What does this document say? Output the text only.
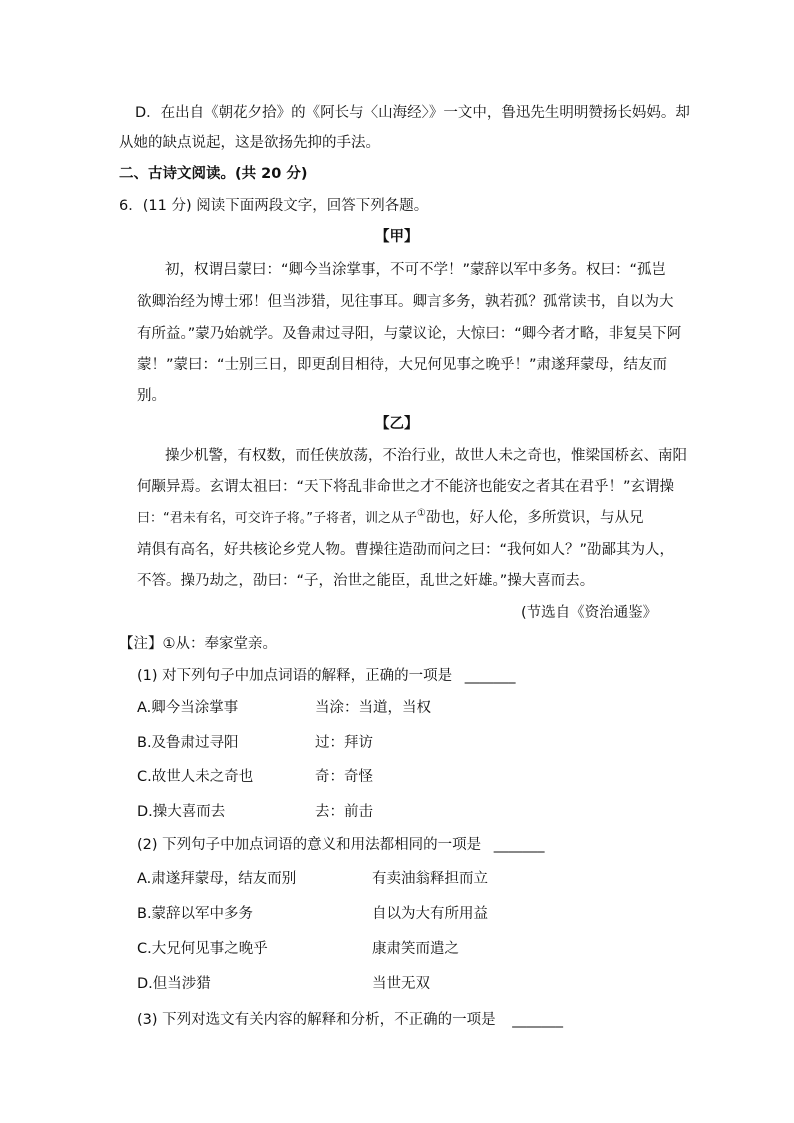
D．在出自《朝花夕拾》的《阿长与〈山海经〉》一文中，鲁迅先生明明赞扬长妈妈。却
从她的缺点说起，这是欲扬先抑的手法。
二、古诗文阅读。(共 20 分)
6．(11 分) 阅读下面两段文字，回答下列各题。
【甲】
初，权谓吕蒙曰：“卿今当涂掌事，不可不学！”蒙辞以军中多务。权曰：“孤岂
欲卿治经为博士邪！但当涉猎，见往事耳。卿言多务，孰若孤？孤常读书，自以为大
有所益。”蒙乃始就学。及鲁肃过寻阳，与蒙议论，大惊曰：“卿今者才略，非复吴下阿
蒙！”蒙曰：“士别三日，即更刮目相待，大兄何见事之晚乎！”肃遂拜蒙母，结友而
别。
【乙】
操少机警，有权数，而任侠放荡，不治行业，故世人未之奇也，惟梁国桥玄、南阳
何颙异焉。玄谓太祖曰：“天下将乱非命世之才不能济也能安之者其在君乎！”玄谓操
曰：“君未有名，可交许子将。”子将者，训之从子①劭也，好人伦，多所赏识，与从兄
靖俱有高名，好共核论乡党人物。曹操往造劭而问之曰：“我何如人？”劭鄙其为人，
不答。操乃劫之，劭曰：“子，治世之能臣，乱世之奸雄。”操大喜而去。
(节选自《资治通鉴》
【注】①从：奉家堂亲。
(1) 对下列句子中加点词语的解释，正确的一项是 _______
A.卿今当涂掌事	当涂：当道，当权
B.及鲁肃过寻阳	过：拜访
C.故世人未之奇也	奇：奇怪
D.操大喜而去	去：前击
(2) 下列句子中加点词语的意义和用法都相同的一项是 _______
A.肃遂拜蒙母，结友而别	有卖油翁释担而立
B.蒙辞以军中多务	自以为大有所用益
C.大兄何见事之晚乎	康肃笑而遣之
D.但当涉猎	当世无双
(3) 下列对选文有关内容的解释和分析，不正确的一项是 _______
